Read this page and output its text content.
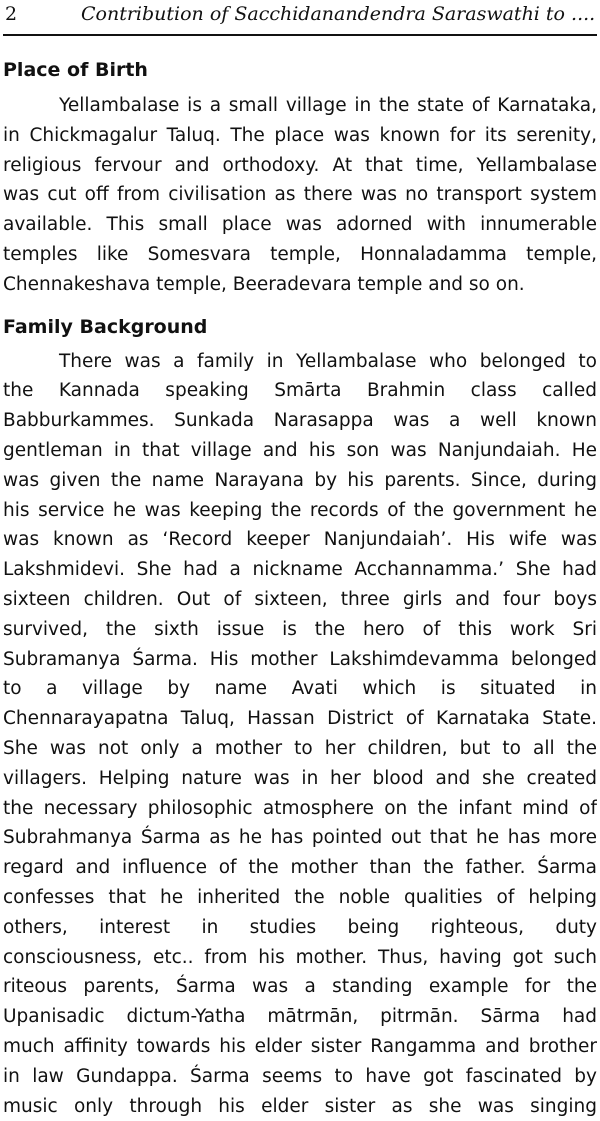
2	Contribution of Sacchidanandendra Saraswathi to ....
Place of Birth
Yellambalase is a small village in the state of Karnataka,
in Chickmagalur Taluq. The place was known for its serenity,
religious fervour and orthodoxy. At that time, Yellambalase
was cut off from civilisation as there was no transport system
available. This small place was adorned with innumerable
temples like Somesvara temple, Honnaladamma temple,
Chennakeshava temple, Beeradevara temple and so on.
Family Background
There was a family in Yellambalase who belonged to
the Kannada speaking Smārta Brahmin class called
Babburkammes. Sunkada Narasappa was a well known
gentleman in that village and his son was Nanjundaiah. He
was given the name Narayana by his parents. Since, during
his service he was keeping the records of the government he
was known as ‘Record keeper Nanjundaiah’. His wife was
Lakshmidevi. She had a nickname Acchannamma.’ She had
sixteen children. Out of sixteen, three girls and four boys
survived, the sixth issue is the hero of this work Sri
Subramanya Śarma. His mother Lakshimdevamma belonged
to a village by name Avati which is situated in
Chennarayapatna Taluq, Hassan District of Karnataka State.
She was not only a mother to her children, but to all the
villagers. Helping nature was in her blood and she created
the necessary philosophic atmosphere on the infant mind of
Subrahmanya Śarma as he has pointed out that he has more
regard and influence of the mother than the father. Śarma
confesses that he inherited the noble qualities of helping
others, interest in studies being righteous, duty
consciousness, etc.. from his mother. Thus, having got such
riteous parents, Śarma was a standing example for the
Upanisadic dictum-Yatha mātrmān, pitrmān. Sārma had
much affinity towards his elder sister Rangamma and brother
in law Gundappa. Śarma seems to have got fascinated by
music only through his elder sister as she was singing
